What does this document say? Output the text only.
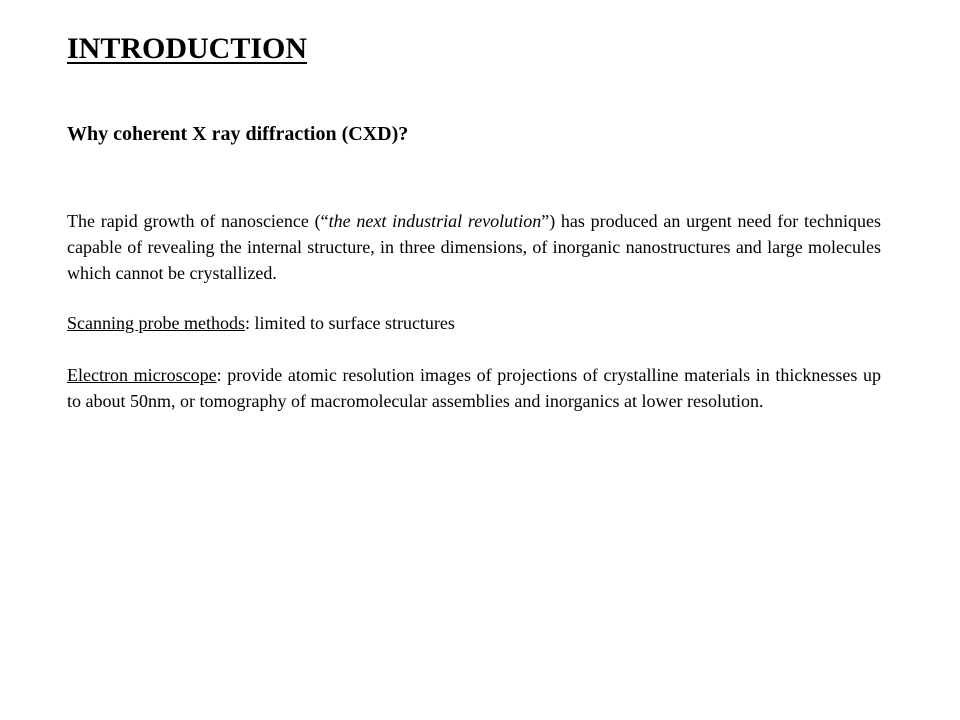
INTRODUCTION
Why coherent X ray diffraction (CXD)?

The rapid growth of nanoscience (“the next industrial revolution”) has produced an urgent need for techniques capable of revealing the internal structure, in three dimensions, of inorganic nanostructures and large molecules which cannot be crystallized.

Scanning probe methods: limited to surface structures

Electron microscope: provide atomic resolution images of projections of crystalline materials in thicknesses up to about 50nm, or tomography of macromolecular assemblies and inorganics at lower resolution.
